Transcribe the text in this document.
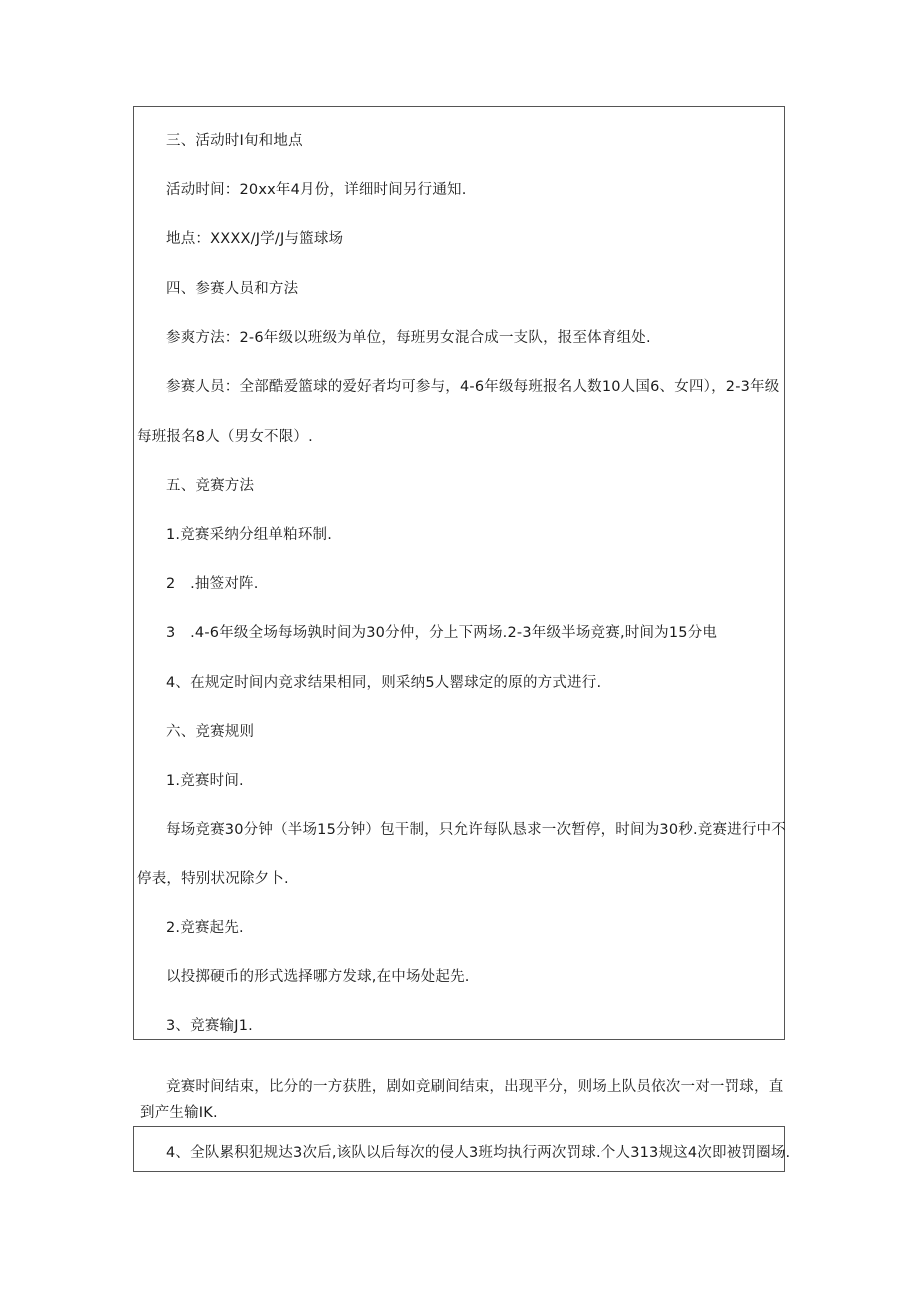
三、活动时I旬和地点
活动时间：20xx年4月份，详细时间另行通知.
地点：XXXX/J学/J与篮球场
四、参赛人员和方法
参爽方法：2-6年级以班级为单位，每班男女混合成一支队，报至体育组处.
参赛人员：全部酷爱篮球的爱好者均可参与，4-6年级每班报名人数10人国6、女四），2-3年级
每班报名8人（男女不限）.
五、竞赛方法
1.竞赛采纳分组单粕环制.
2　.抽签对阵.
3　.4-6年级全场每场孰时间为30分仲，分上下两场.2-3年级半场竞赛,时间为15分电
4、在规定时间内竞求结果相同，则采纳5人罂球定的原的方式进行.
六、竞赛规则
1.竞赛时间.
每场竞赛30分钟（半场15分钟）包干制，只允许每队恳求一次暂停，时间为30秒.竞赛进行中不
停表，特别状况除夕卜.
2.竞赛起先.
以投掷硬币的形式选择哪方发球,在中场处起先.
3、竞赛输J1.
竞赛时间结束，比分的一方获胜，剧如竞刷间结束，出现平分，则场上队员依次一对一罚球，直到产生输IK.
4、全队累积犯规达3次后,该队以后每次的侵人3班均执行两次罚球.个人313规这4次即被罚圈场.
